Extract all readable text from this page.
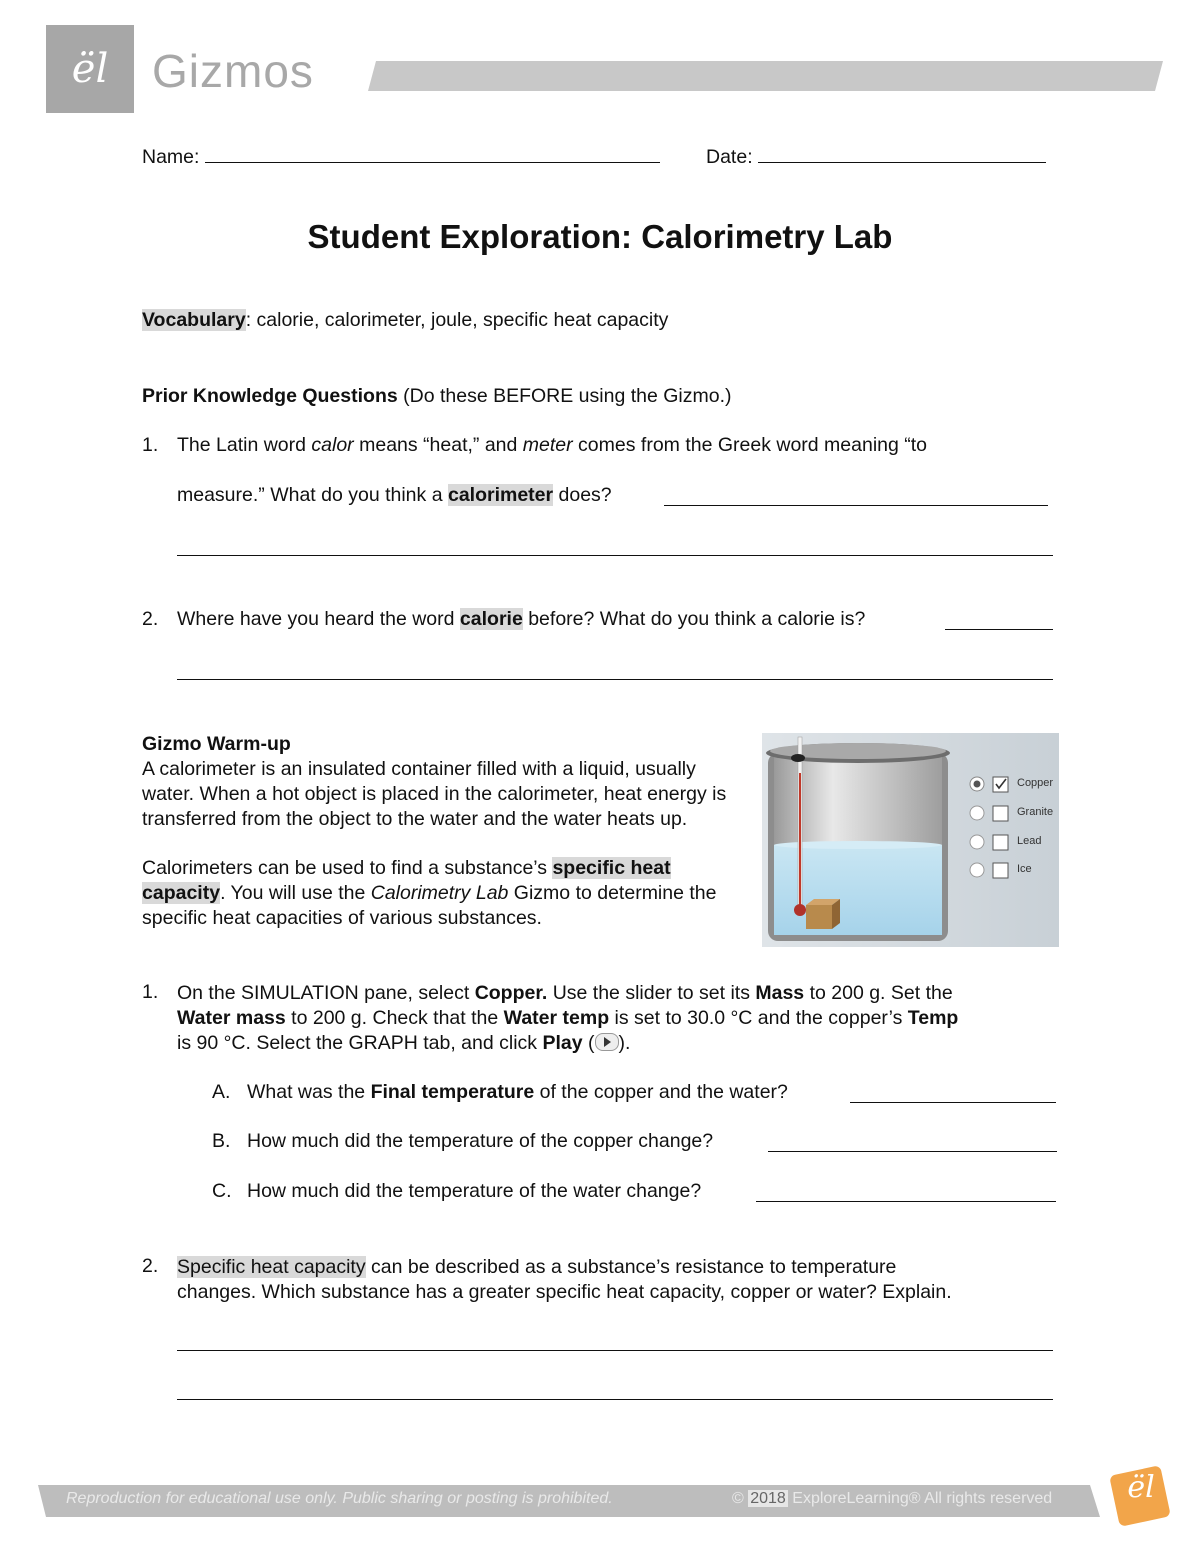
ël Gizmos
Name:	Date:
Student Exploration: Calorimetry Lab
Vocabulary: calorie, calorimeter, joule, specific heat capacity
Prior Knowledge Questions (Do these BEFORE using the Gizmo.)
1. The Latin word calor means “heat,” and meter comes from the Greek word meaning “to
measure.” What do you think a calorimeter does?
2. Where have you heard the word calorie before? What do you think a calorie is?
Gizmo Warm-up
A calorimeter is an insulated container filled with a liquid, usually water. When a hot object is placed in the calorimeter, heat energy is transferred from the object to the water and the water heats up.
Calorimeters can be used to find a substance’s specific heat capacity. You will use the Calorimetry Lab Gizmo to determine the specific heat capacities of various substances.
Copper
Granite
Lead
Ice
1. On the SIMULATION pane, select Copper. Use the slider to set its Mass to 200 g. Set the
Water mass to 200 g. Check that the Water temp is set to 30.0 °C and the copper’s Temp
is 90 °C. Select the GRAPH tab, and click Play ( ).
A. What was the Final temperature of the copper and the water?
B. How much did the temperature of the copper change?
C. How much did the temperature of the water change?
2. Specific heat capacity can be described as a substance’s resistance to temperature
changes. Which substance has a greater specific heat capacity, copper or water? Explain.
Reproduction for educational use only. Public sharing or posting is prohibited.	© 2018 ExploreLearning® All rights reserved	ël
